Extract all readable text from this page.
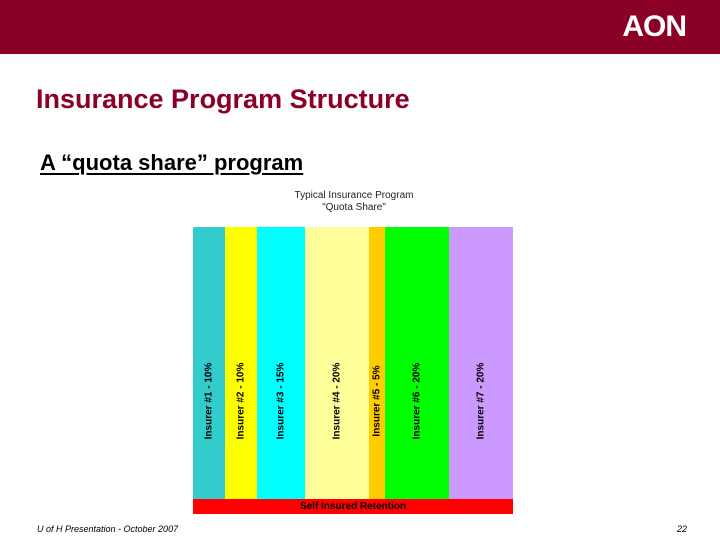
AON
Insurance Program Structure
A “quota share” program
Typical Insurance Program
"Quota Share"
Insurer #7 - 20%
Insurer #6 - 20%
Insurer #5 - 5%
Insurer #4 - 20%
Insurer #3 - 15%
Insurer #2 - 10%
Insurer #1 - 10%
Self Insured Retention
U of H Presentation - October 2007	22
